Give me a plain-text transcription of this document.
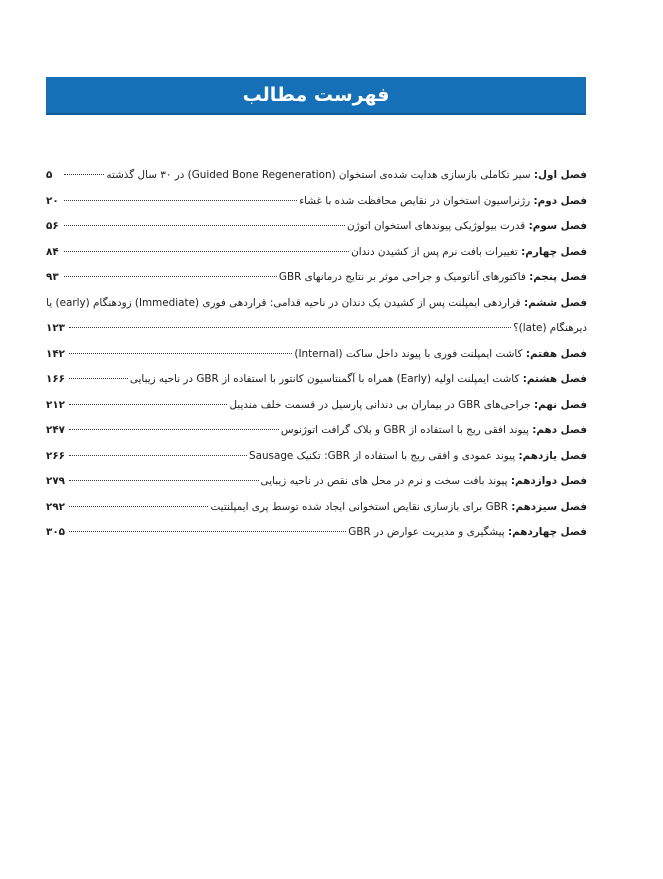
فهرست مطالب
فصل اول: سیر تکاملی بازسازی هدایت شده‌ی استخوان (Guided Bone Regeneration) در ۳۰ سال گذشته
۵
فصل دوم: رژنراسیون استخوان در نقایص محافظت شده با غشاء
۲۰
فصل سوم: قدرت بیولوژیکی پیوندهای استخوان اتوژن
۵۶
فصل چهارم: تغییرات بافت نرم پس از کشیدن دندان
۸۴
فصل پنجم: فاکتورهای آناتومیک و جراحی موثر بر نتایج درمانهای GBR
۹۳
فصل ششم: قراردهی ایمپلنت پس از کشیدن یک دندان در ناحیه قدامی: قراردهی فوری (Immediate) زودهنگام (early) یا
دیرهنگام (late)؟
۱۲۳
فصل هفتم: کاشت ایمپلنت فوری با پیوند داخل ساکت (Internal)
۱۴۲
فصل هشتم: کاشت ایمپلنت اولیه (Early) همراه با آگمنتاسیون کانتور با استفاده از GBR در ناحیه زیبایی
۱۶۶
فصل نهم: جراحی‌های GBR در بیماران بی دندانی پارسیل در قسمت خلف مندیبل
۲۱۲
فصل دهم: پیوند افقی ریج با استفاده از GBR و بلاک گرافت اتوژنوس
۲۴۷
فصل یازدهم: پیوند عمودی و افقی ریج با استفاده از GBR: تکنیک Sausage
۲۶۶
فصل دوازدهم: پیوند بافت سخت و نرم در محل های نقص در ناحیه زیبایی
۲۷۹
فصل سیزدهم: GBR برای بازسازی نقایص استخوانی ایجاد شده توسط پری ایمپلنتیت
۲۹۲
فصل چهاردهم: پیشگیری و مدیریت عوارض در GBR
۳۰۵
